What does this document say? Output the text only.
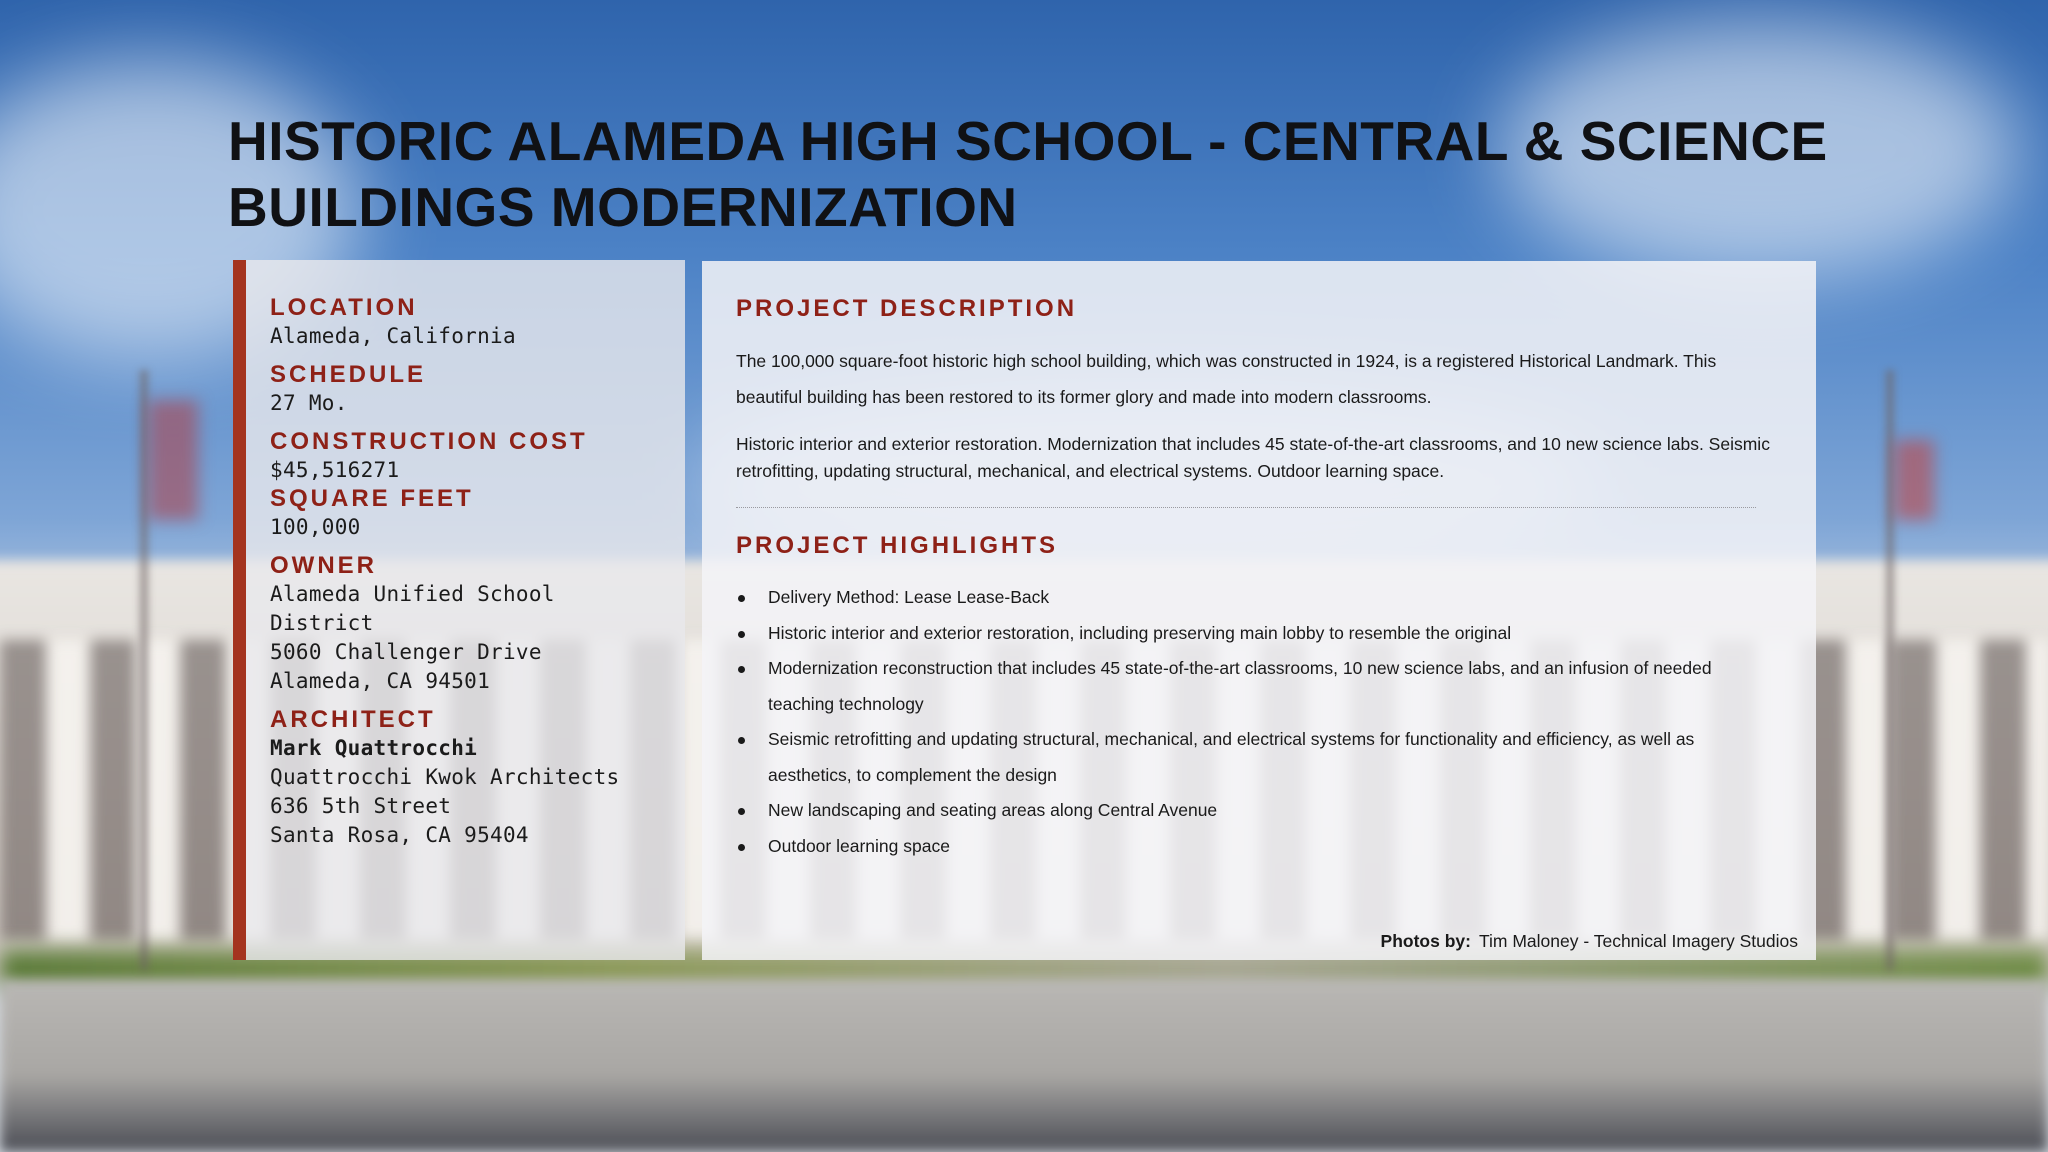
HISTORIC ALAMEDA HIGH SCHOOL - CENTRAL & SCIENCE BUILDINGS MODERNIZATION
LOCATION
Alameda, California
SCHEDULE
27 Mo.
CONSTRUCTION COST
$45,516271
SQUARE FEET
100,000
OWNER
Alameda Unified School District
5060 Challenger Drive
Alameda, CA 94501
ARCHITECT
Mark Quattrocchi
Quattrocchi Kwok Architects
636 5th Street
Santa Rosa, CA 95404
PROJECT DESCRIPTION

The 100,000 square-foot historic high school building, which was constructed in 1924, is a registered Historical Landmark. This beautiful building has been restored to its former glory and made into modern classrooms.

Historic interior and exterior restoration. Modernization that includes 45 state-of-the-art classrooms, and 10 new science labs. Seismic retrofitting, updating structural, mechanical, and electrical systems. Outdoor learning space.

PROJECT HIGHLIGHTS
Delivery Method: Lease Lease-Back
Historic interior and exterior restoration, including preserving main lobby to resemble the original
Modernization reconstruction that includes 45 state-of-the-art classrooms, 10 new science labs, and an infusion of needed teaching technology
Seismic retrofitting and updating structural, mechanical, and electrical systems for functionality and efficiency, as well as aesthetics, to complement the design
New landscaping and seating areas along Central Avenue
Outdoor learning space
Photos by: Tim Maloney - Technical Imagery Studios
